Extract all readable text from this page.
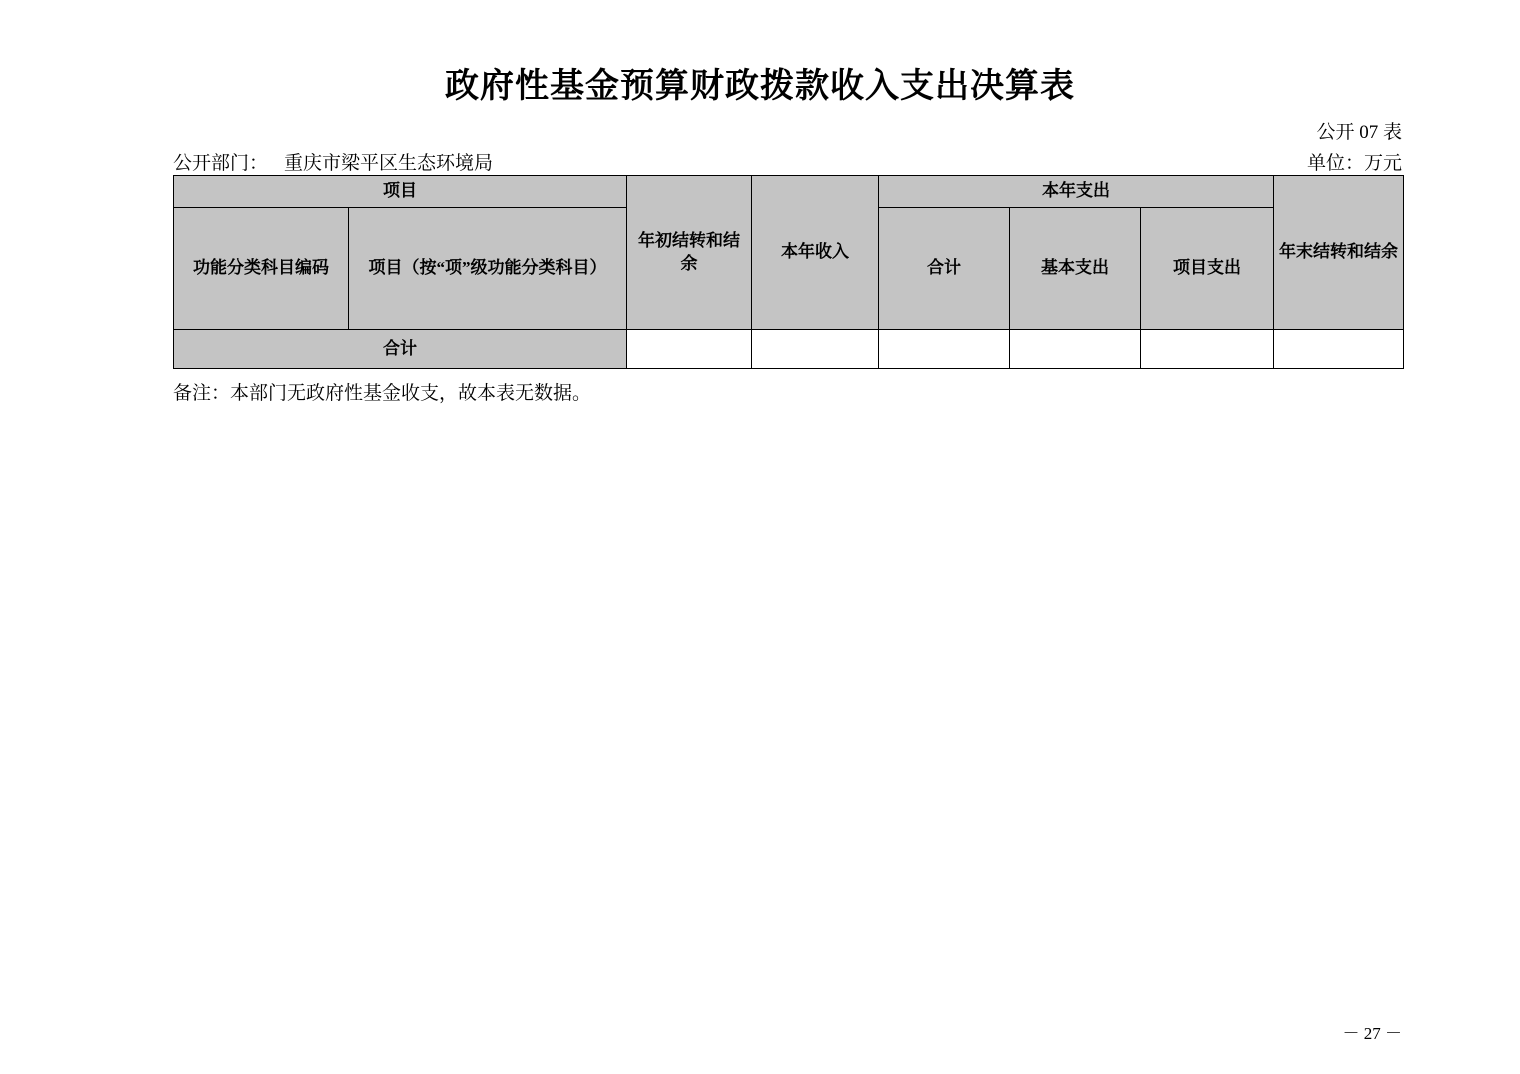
政府性基金预算财政拨款收入支出决算表
公开 07 表
公开部门： 重庆市梁平区生态环境局	单位：万元
项目		年初结转和结余	本年收入	本年支出			年末结转和结余
功能分类科目编码	项目（按“项”级功能分类科目）			合计	基本支出	项目支出	
合计							
备注：本部门无政府性基金收支，故本表无数据。
－ 27 －
